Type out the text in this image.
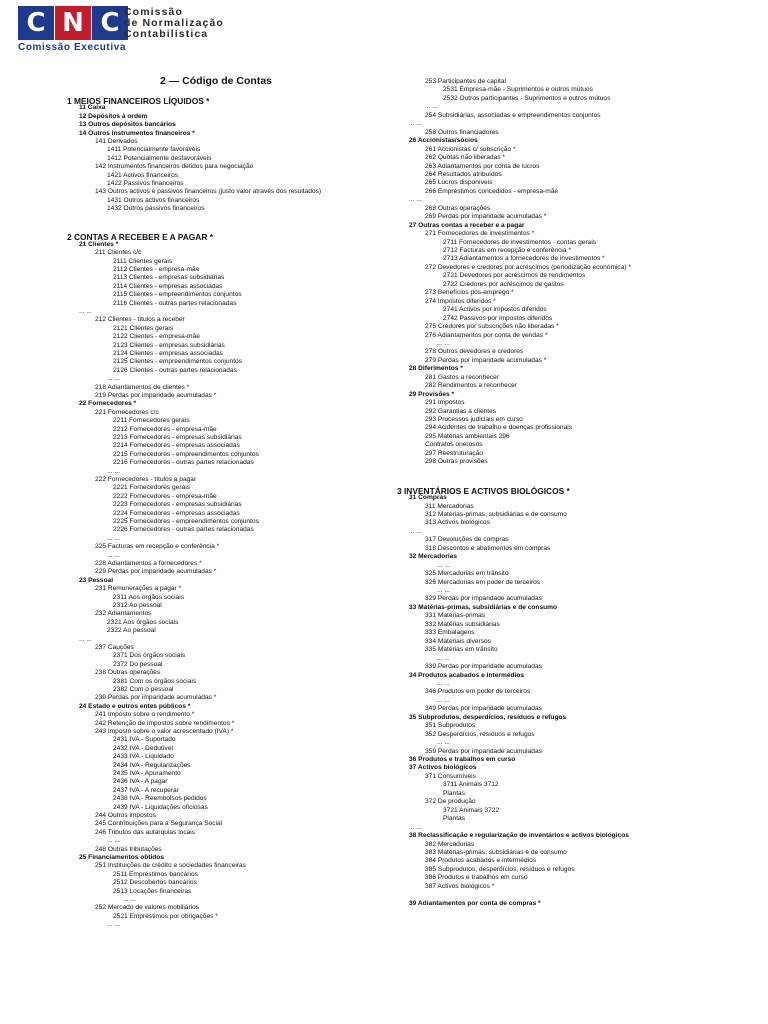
C N C Comissão
de Normalização
Contabilística
Comissão Executiva
2 — Código de Contas
1 MEIOS FINANCEIROS LÍQUIDOS *
11 Caixa
12 Depósitos à ordem
13 Outros depósitos bancários
14 Outros instrumentos financeiros *
141 Derivados
1411 Potencialmente favoráveis
1412 Potencialmente desfavoráveis
142 Instrumentos financeiros detidos para negociação
1421 Activos financeiros
1422 Passivos financeiros
143 Outros activos e passivos financeiros (justo valor através dos resultados)
1431 Outros activos financeiros
1432 Outros passivos financeiros
2 CONTAS A RECEBER E A PAGAR *
21 Clientes *
211 Clientes c/c
2111 Clientes gerais
2112 Clientes - empresa-mãe
2113 Clientes - empresas subsidiárias
2114 Clientes - empresas associadas
2115 Clientes - empreendimentos conjuntos
2116 Clientes - outras partes relacionadas
... ...
212 Clientes - títulos a receber
2121 Clientes gerais
2122 Clientes - empresa-mãe
2123 Clientes - empresas subsidiárias
2124 Clientes - empresas associadas
2125 Clientes - empreendimentos conjuntos
2126 Clientes - outras partes relacionadas
... ...
218 Adiantamentos de clientes *
219 Perdas por imparidade acumuladas *
22 Fornecedores *
221 Fornecedores c/c
2211 Fornecedores gerais
2212 Fornecedores - empresa-mãe
2213 Fornecedores - empresas subsidiárias
2214 Fornecedores - empresas associadas
2215 Fornecedores - empreendimentos conjuntos
2216 Fornecedores - outras partes relacionadas
... ...
222 Fornecedores - títulos a pagar
2221 Fornecedores gerais
2222 Fornecedores - empresa-mãe
2223 Fornecedores - empresas subsidiárias
2224 Fornecedores - empresas associadas
2225 Fornecedores - empreendimentos conjuntos
2226 Fornecedores - outras partes relacionadas
... ...
225 Facturas em recepção e conferência *
... ...
228 Adiantamentos a fornecedores *
229 Perdas por imparidade acumuladas *
23 Pessoal
231 Remunerações a pagar *
2311 Aos órgãos sociais
2312 Ao pessoal
232 Adiantamentos
2321 Aos órgãos sociais
2322 Ao pessoal
... ...
237 Cauções
2371 Dos órgãos sociais
2372 Do pessoal
238 Outras operações
2381 Com os órgãos sociais
2382 Com o pessoal
239 Perdas por imparidade acumuladas *
24 Estado e outros entes públicos *
241 Imposto sobre o rendimento *
242 Retenção de impostos sobre rendimentos *
243 Imposto sobre o valor acrescentado (IVA) *
2431 IVA - Suportado
2432 IVA - Dedutível
2433 IVA - Liquidado
2434 IVA - Regularizações
2435 IVA - Apuramento
2436 IVA - A pagar
2437 IVA - A recuperar
2438 IVA - Reembolsos pedidos
2439 IVA - Liquidações oficiosas
244 Outros impostos
245 Contribuições para a Segurança Social
246 Tributos das autarquias locais
... ...
248 Outras tributações
25 Financiamentos obtidos
251 Instituições de crédito e sociedades financeiras
2511 Empréstimos bancários
2512 Descobertos bancários
2513 Locações financeiras
... ...
252 Mercado de valores mobiliários
2521 Empréstimos por obrigações *
... ...
253 Participantes de capital
2531 Empresa-mãe - Suprimentos e outros mútuos
2532 Outros participantes - Suprimentos e outros mútuos
... ...
254 Subsidiárias, associadas e empreendimentos conjuntos
... ...
258 Outros financiadores
26 Accionistas/sócios
261 Accionistas c/ subscrição *
262 Quotas não liberadas *
263 Adiantamentos por conta de lucros
264 Resultados atribuídos
265 Lucros disponíveis
266 Empréstimos concedidos - empresa-mãe
... ...
268 Outras operações
269 Perdas por imparidade acumuladas *
27 Outras contas a receber e a pagar
271 Fornecedores de investimentos *
2711 Fornecedores de investimentos - contas gerais
2712 Facturas em recepção e conferência *
2713 Adiantamentos a fornecedores de investimentos *
272 Devedores e credores por acréscimos (periodização económica) *
2721 Devedores por acréscimos de rendimentos
2722 Credores por acréscimos de gastos
273 Benefícios pós-emprego *
274 Impostos diferidos *
2741 Activos por impostos diferidos
2742 Passivos por impostos diferidos
275 Credores por subscrições não liberadas *
276 Adiantamentos por conta de vendas *
... ...
278 Outros devedores e credores
279 Perdas por imparidade acumuladas *
28 Diferimentos *
281 Gastos a reconhecer
282 Rendimentos a reconhecer
29 Provisões *
291 Impostos
292 Garantias a clientes
293 Processos judiciais em curso
294 Acidentes de trabalho e doenças profissionais
295 Matérias ambientais 296
Contratos onerosos
297 Reestruturação
298 Outras provisões
3 INVENTÁRIOS E ACTIVOS BIOLÓGICOS *
31 Compras
311 Mercadorias
312 Matérias-primas, subsidiárias e de consumo
313 Activos biológicos
... ...
317 Devoluções de compras
318 Descontos e abatimentos em compras
32 Mercadorias
... ...
325 Mercadorias em trânsito
326 Mercadorias em poder de terceiros
... ...
329 Perdas por imparidade acumuladas
33 Matérias-primas, subsidiárias e de consumo
331 Matérias-primas
332 Matérias subsidiárias
333 Embalagens
334 Materiais diversos
335 Matérias em trânsito
... ...
339 Perdas por imparidade acumuladas
34 Produtos acabados e intermédios
... ...
346 Produtos em poder de terceiros
... ...
349 Perdas por imparidade acumuladas
35 Subprodutos, desperdícios, resíduos e refugos
351 Subprodutos
352 Desperdícios, resíduos e refugos
... ...
359 Perdas por imparidade acumuladas
36 Produtos e trabalhos em curso
37 Activos biológicos
371 Consumíveis
3711 Animais 3712
Plantas
372 De produção
3721 Animais 3722
Plantas
... ...
38 Reclassificação e regularização de inventários e activos biológicos
382 Mercadorias
383 Matérias-primas, subsidiárias e de consumo
384 Produtos acabados e intermédios
385 Subprodutos, desperdícios, resíduos e refugos
386 Produtos e trabalhos em curso
387 Activos biológicos *
39 Adiantamentos por conta de compras *
